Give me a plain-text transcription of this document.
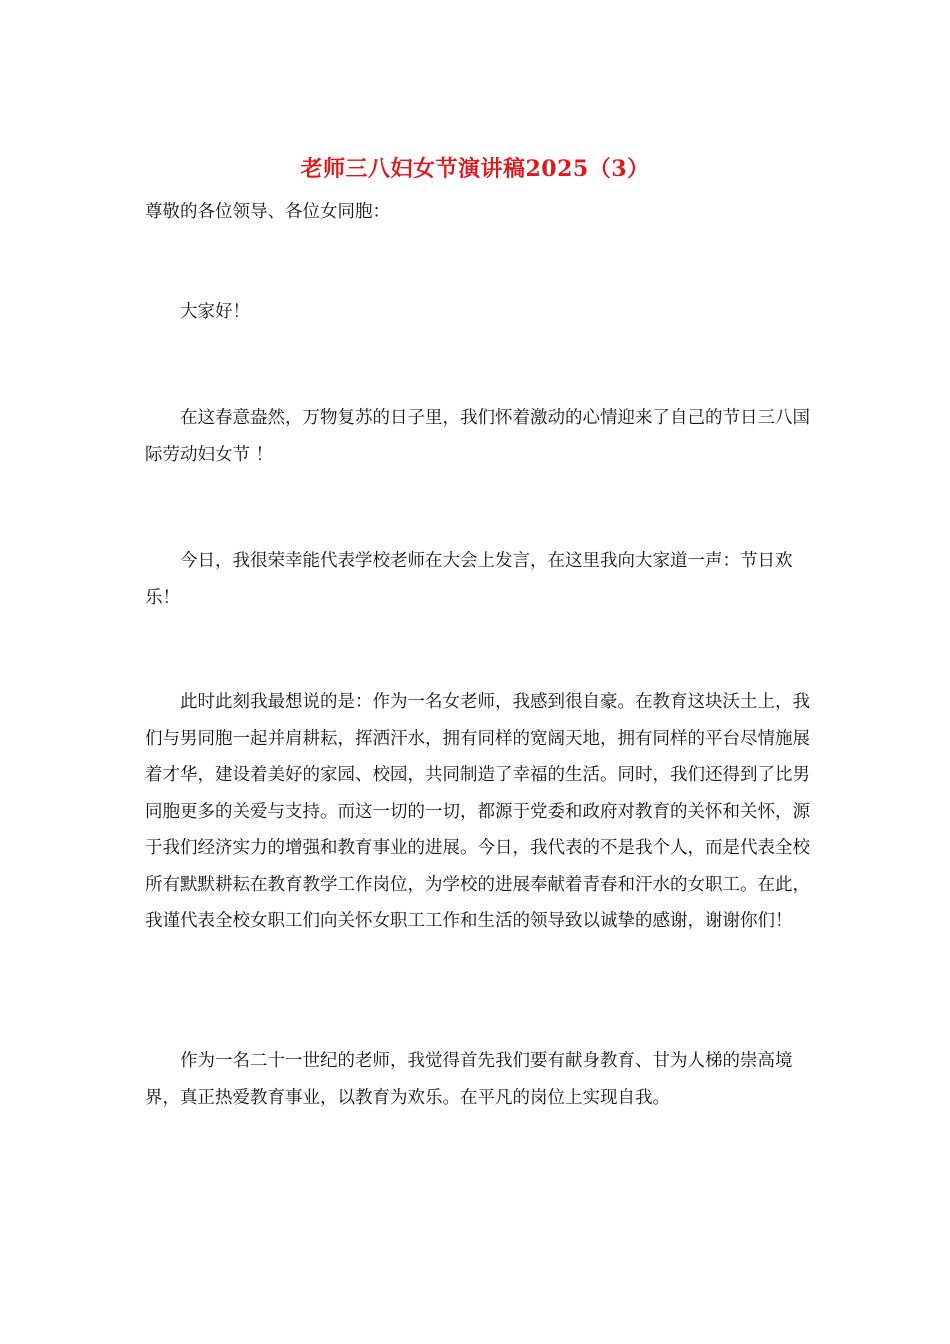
老师三八妇女节演讲稿2025（3）

尊敬的各位领导、各位女同胞：

大家好！

在这春意盎然，万物复苏的日子里，我们怀着激动的心情迎来了自己的节日三八国际劳动妇女节 ！

今日，我很荣幸能代表学校老师在大会上发言，在这里我向大家道一声：节日欢乐！

此时此刻我最想说的是：作为一名女老师，我感到很自豪。在教育这块沃土上，我们与男同胞一起并肩耕耘，挥洒汗水，拥有同样的宽阔天地，拥有同样的平台尽情施展着才华，建设着美好的家园、校园，共同制造了幸福的生活。同时，我们还得到了比男同胞更多的关爱与支持。而这一切的一切，都源于党委和政府对教育的关怀和关怀，源于我们经济实力的增强和教育事业的进展。今日，我代表的不是我个人，而是代表全校所有默默耕耘在教育教学工作岗位，为学校的进展奉献着青春和汗水的女职工。在此，我谨代表全校女职工们向关怀女职工工作和生活的领导致以诚挚的感谢，谢谢你们！

作为一名二十一世纪的老师，我觉得首先我们要有献身教育、甘为人梯的崇高境界，真正热爱教育事业，以教育为欢乐。在平凡的岗位上实现自我。
